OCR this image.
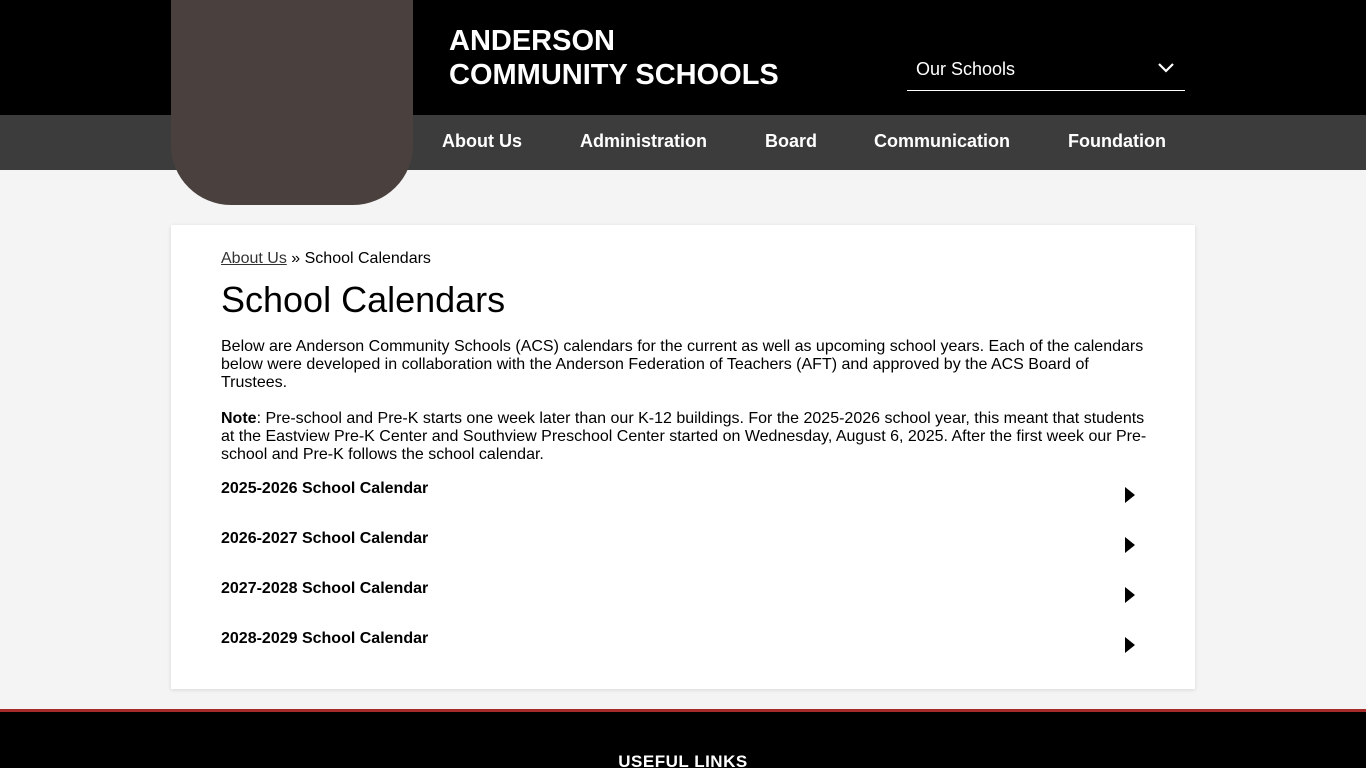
ANDERSON
COMMUNITY SCHOOLS	Our Schools
About Us	Administration	Board	Communication	Foundation
About Us » School Calendars
School Calendars

Below are Anderson Community Schools (ACS) calendars for the current as well as upcoming school years. Each of the calendars below were developed in collaboration with the Anderson Federation of Teachers (AFT) and approved by the ACS Board of Trustees.

Note: Pre-school and Pre-K starts one week later than our K-12 buildings. For the 2025-2026 school year, this meant that students at the Eastview Pre-K Center and Southview Preschool Center started on Wednesday, August 6, 2025. After the first week our Pre-school and Pre-K follows the school calendar.

2025-2026 School Calendar
2026-2027 School Calendar
2027-2028 School Calendar
2028-2029 School Calendar
USEFUL LINKS
